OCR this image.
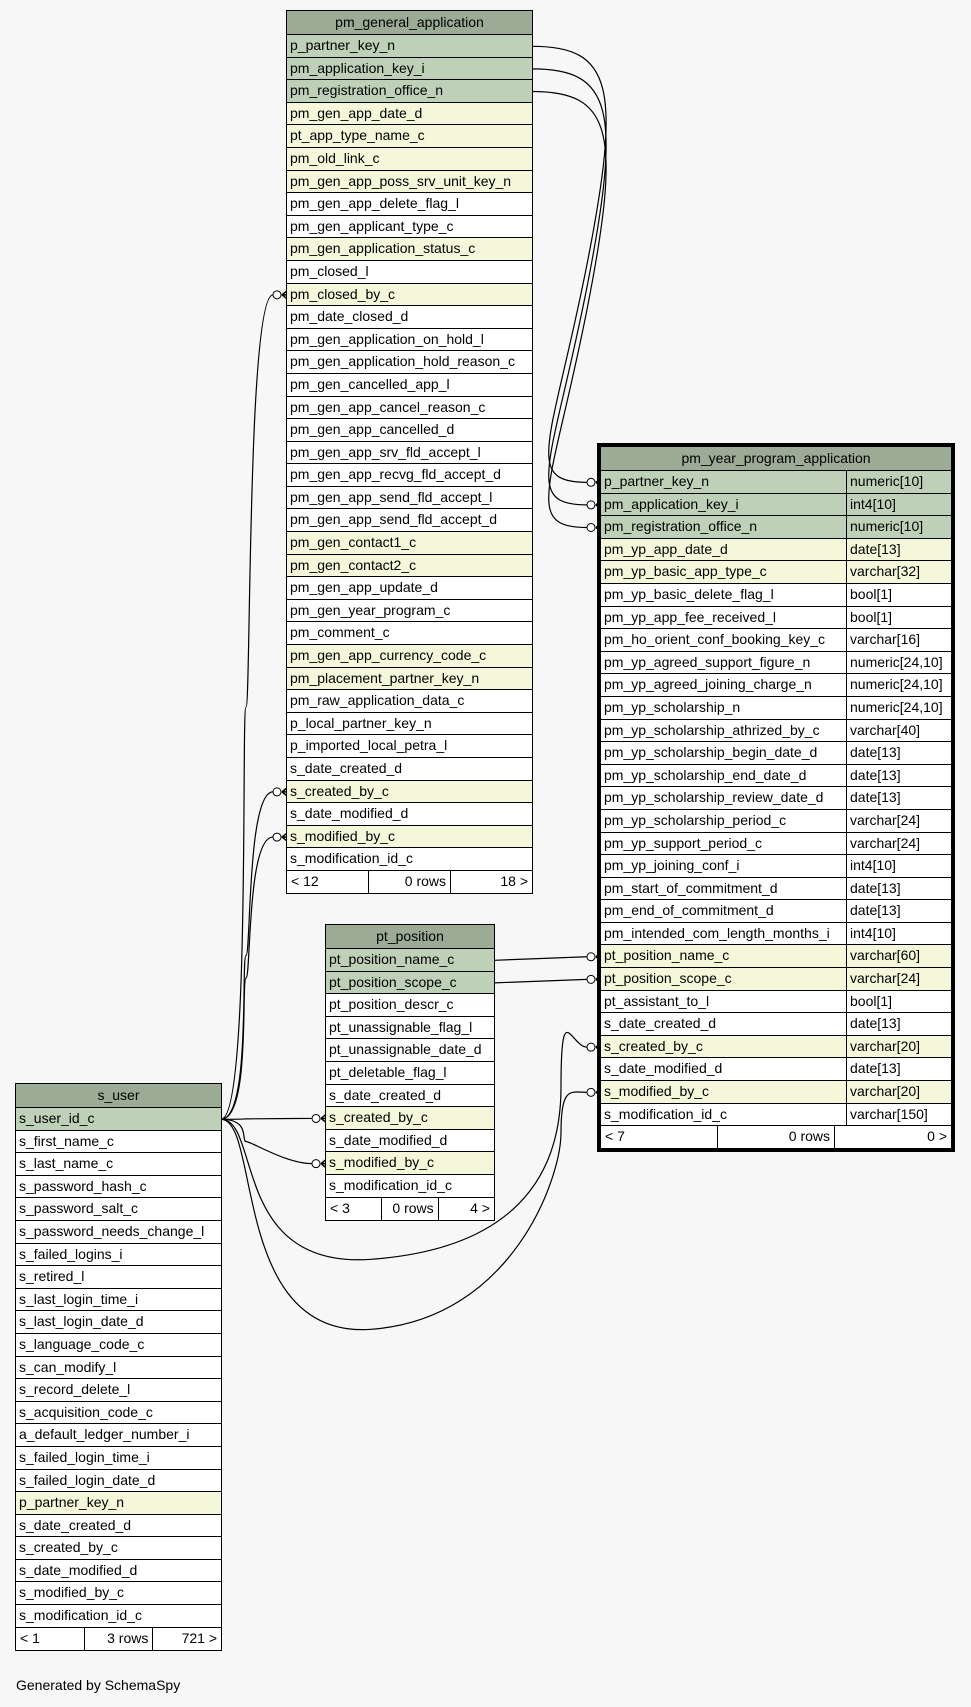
pm_general_application
p_partner_key_n
pm_application_key_i
pm_registration_office_n
pm_gen_app_date_d
pt_app_type_name_c
pm_old_link_c
pm_gen_app_poss_srv_unit_key_n
pm_gen_app_delete_flag_l
pm_gen_applicant_type_c
pm_gen_application_status_c
pm_closed_l
pm_closed_by_c
pm_date_closed_d
pm_gen_application_on_hold_l
pm_gen_application_hold_reason_c
pm_gen_cancelled_app_l
pm_gen_app_cancel_reason_c
pm_gen_app_cancelled_d
pm_gen_app_srv_fld_accept_l
pm_gen_app_recvg_fld_accept_d
pm_gen_app_send_fld_accept_l
pm_gen_app_send_fld_accept_d
pm_gen_contact1_c
pm_gen_contact2_c
pm_gen_app_update_d
pm_gen_year_program_c
pm_comment_c
pm_gen_app_currency_code_c
pm_placement_partner_key_n
pm_raw_application_data_c
p_local_partner_key_n
p_imported_local_petra_l
s_date_created_d
s_created_by_c
s_date_modified_d
s_modified_by_c
s_modification_id_c
< 12	0 rows	18 >
pm_year_program_application
p_partner_key_n	numeric[10]
pm_application_key_i	int4[10]
pm_registration_office_n	numeric[10]
pm_yp_app_date_d	date[13]
pm_yp_basic_app_type_c	varchar[32]
pm_yp_basic_delete_flag_l	bool[1]
pm_yp_app_fee_received_l	bool[1]
pm_ho_orient_conf_booking_key_c	varchar[16]
pm_yp_agreed_support_figure_n	numeric[24,10]
pm_yp_agreed_joining_charge_n	numeric[24,10]
pm_yp_scholarship_n	numeric[24,10]
pm_yp_scholarship_athrized_by_c	varchar[40]
pm_yp_scholarship_begin_date_d	date[13]
pm_yp_scholarship_end_date_d	date[13]
pm_yp_scholarship_review_date_d	date[13]
pm_yp_scholarship_period_c	varchar[24]
pm_yp_support_period_c	varchar[24]
pm_yp_joining_conf_i	int4[10]
pm_start_of_commitment_d	date[13]
pm_end_of_commitment_d	date[13]
pm_intended_com_length_months_i	int4[10]
pt_position_name_c	varchar[60]
pt_position_scope_c	varchar[24]
pt_assistant_to_l	bool[1]
s_date_created_d	date[13]
s_created_by_c	varchar[20]
s_date_modified_d	date[13]
s_modified_by_c	varchar[20]
s_modification_id_c	varchar[150]
< 7	0 rows	0 >
pt_position
pt_position_name_c
pt_position_scope_c
pt_position_descr_c
pt_unassignable_flag_l
pt_unassignable_date_d
pt_deletable_flag_l
s_date_created_d
s_created_by_c
s_date_modified_d
s_modified_by_c
s_modification_id_c
< 3	0 rows	4 >
s_user
s_user_id_c
s_first_name_c
s_last_name_c
s_password_hash_c
s_password_salt_c
s_password_needs_change_l
s_failed_logins_i
s_retired_l
s_last_login_time_i
s_last_login_date_d
s_language_code_c
s_can_modify_l
s_record_delete_l
s_acquisition_code_c
a_default_ledger_number_i
s_failed_login_time_i
s_failed_login_date_d
p_partner_key_n
s_date_created_d
s_created_by_c
s_date_modified_d
s_modified_by_c
s_modification_id_c
< 1	3 rows	721 >
Generated by SchemaSpy
